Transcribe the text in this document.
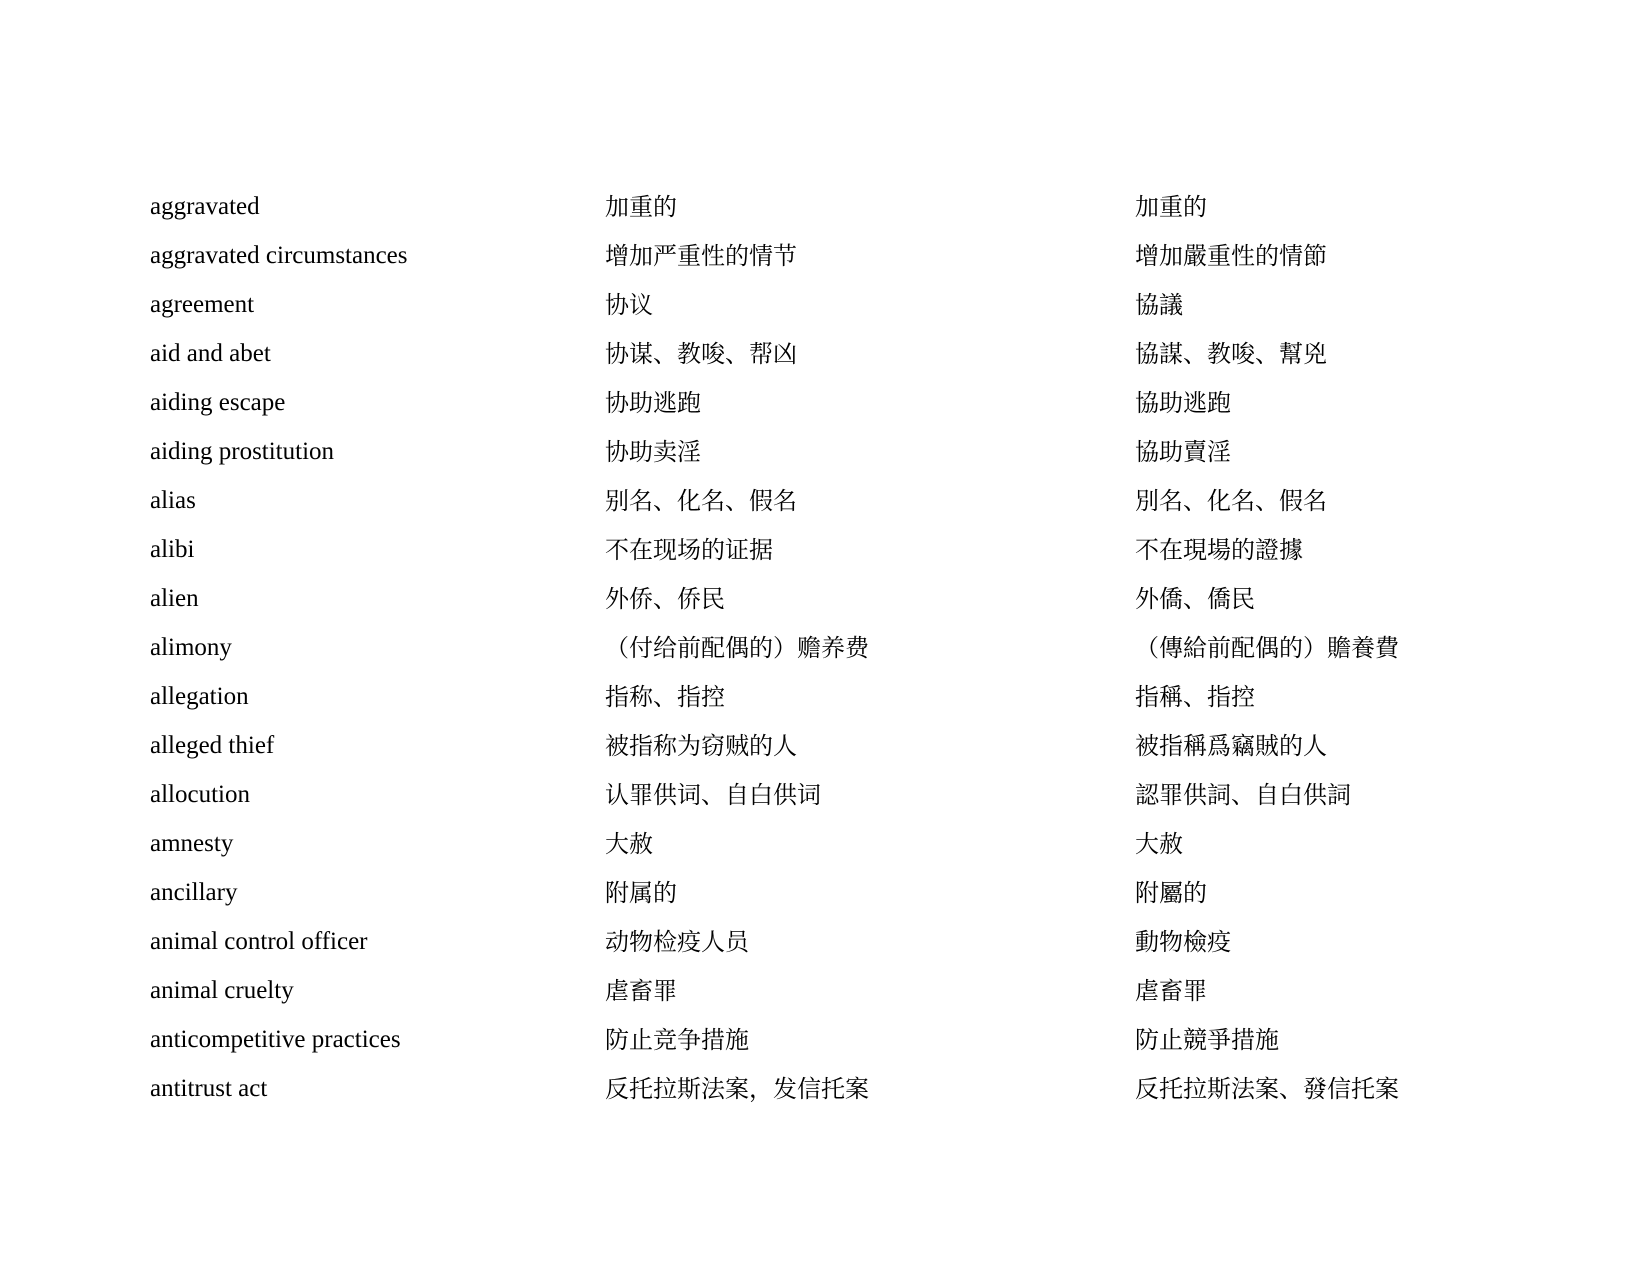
aggravated	加重的	加重的
aggravated circumstances	增加严重性的情节	增加嚴重性的情節
agreement	协议	協議
aid and abet	协谋、教唆、帮凶	協謀、教唆、幫兇
aiding escape	协助逃跑	協助逃跑
aiding prostitution	协助卖淫	協助賣淫
alias	别名、化名、假名	別名、化名、假名
alibi	不在现场的证据	不在現場的證據
alien	外侨、侨民	外僑、僑民
alimony	（付给前配偶的）赡养费	（傳給前配偶的）贍養費
allegation	指称、指控	指稱、指控
alleged thief	被指称为窃贼的人	被指稱爲竊賊的人
allocution	认罪供词、自白供词	認罪供詞、自白供詞
amnesty	大赦	大赦
ancillary	附属的	附屬的
animal control officer	动物检疫人员	動物檢疫
animal cruelty	虐畜罪	虐畜罪
anticompetitive practices	防止竞争措施	防止競爭措施
antitrust act	反托拉斯法案，发信托案	反托拉斯法案、發信托案
